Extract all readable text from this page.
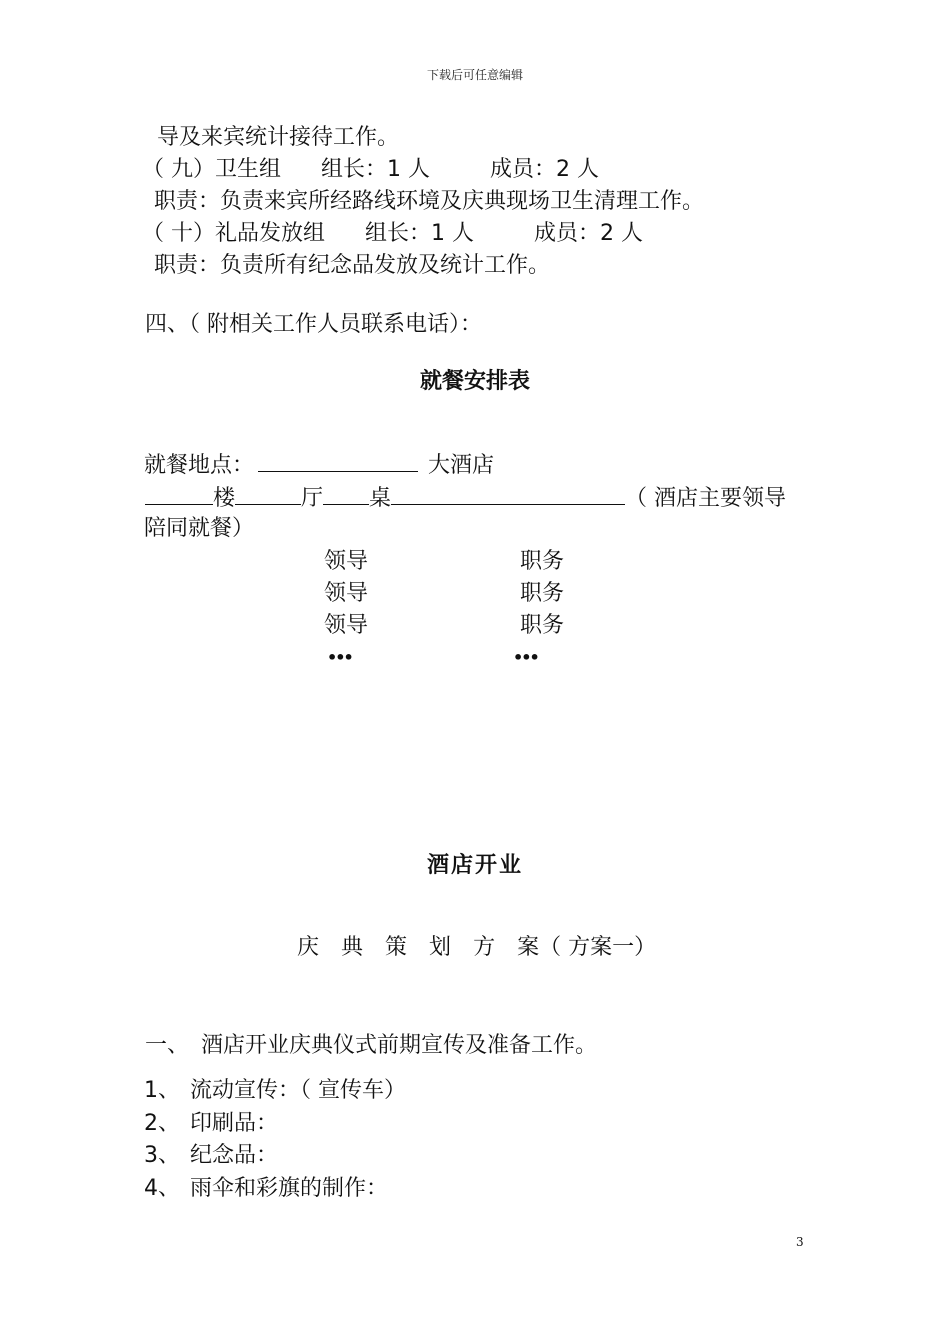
下载后可任意编辑
导及来宾统计接待工作。
（ 九）卫生组 组长：1 人	成员：2 人
职责：负责来宾所经路线环境及庆典现场卫生清理工作。
（ 十）礼品发放组 组长：1 人	成员：2 人
职责：负责所有纪念品发放及统计工作。
四、（ 附相关工作人员联系电话）：
就餐安排表
就餐地点：	大酒店
楼	厅 桌	（ 酒店主要领导
陪同就餐）
领导	职务
领导	职务
领导	职务
•••	•••
酒店开业
庆 典 策 划 方 案（ 方案一）
一、 酒店开业庆典仪式前期宣传及准备工作。
1、 流动宣传：（ 宣传车）
2、 印刷品：
3、 纪念品：
4、 雨伞和彩旗的制作：
3
